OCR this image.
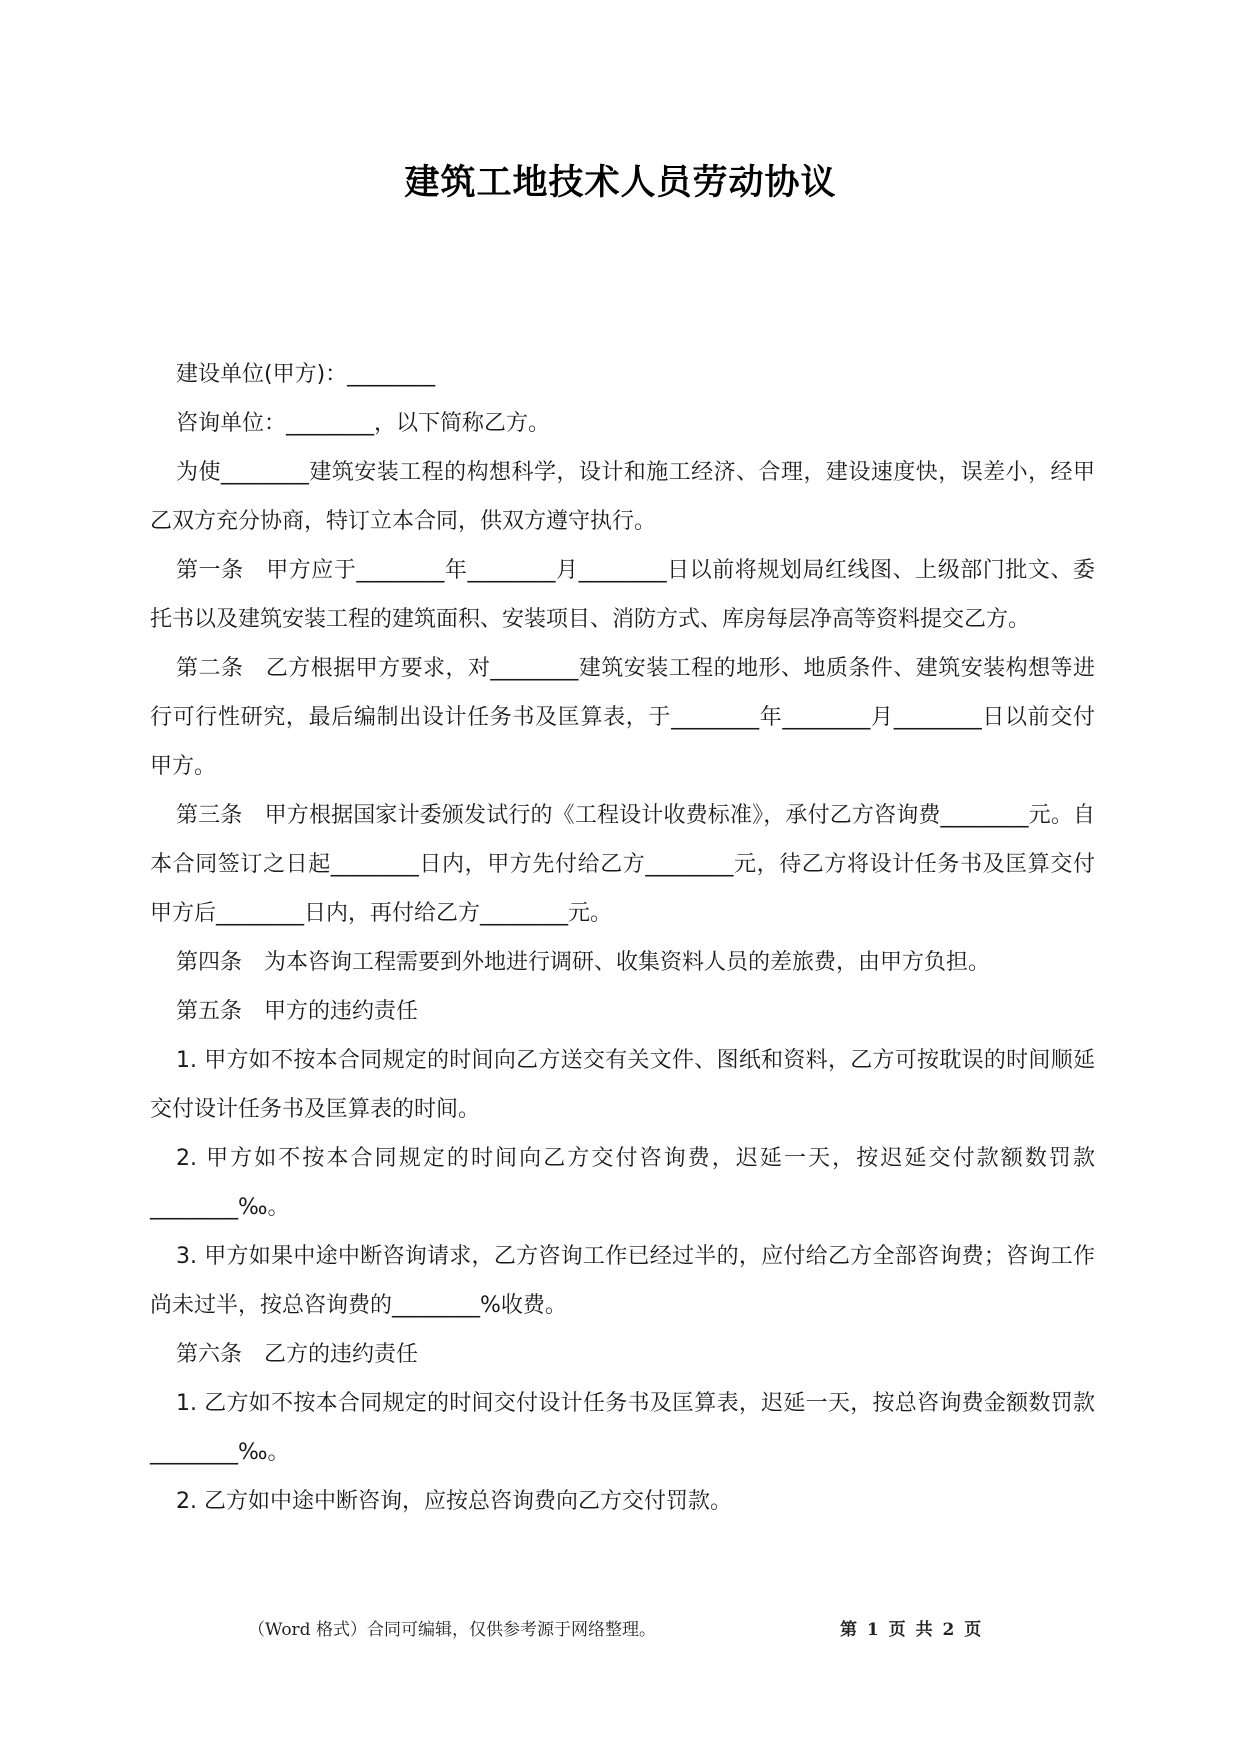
建筑工地技术人员劳动协议

建设单位(甲方)：________

咨询单位：________，以下简称乙方。

为使________建筑安装工程的构想科学，设计和施工经济、合理，建设速度快，误差小，经甲乙双方充分协商，特订立本合同，供双方遵守执行。

第一条　甲方应于________年________月________日以前将规划局红线图、上级部门批文、委托书以及建筑安装工程的建筑面积、安装项目、消防方式、库房每层净高等资料提交乙方。

第二条　乙方根据甲方要求，对________建筑安装工程的地形、地质条件、建筑安装构想等进行可行性研究，最后编制出设计任务书及匡算表，于________年________月________日以前交付甲方。

第三条　甲方根据国家计委颁发试行的《工程设计收费标准》，承付乙方咨询费________元。自本合同签订之日起________日内，甲方先付给乙方________元，待乙方将设计任务书及匡算交付甲方后________日内，再付给乙方________元。

第四条　为本咨询工程需要到外地进行调研、收集资料人员的差旅费，由甲方负担。

第五条　甲方的违约责任

1. 甲方如不按本合同规定的时间向乙方送交有关文件、图纸和资料，乙方可按耽误的时间顺延交付设计任务书及匡算表的时间。

2. 甲方如不按本合同规定的时间向乙方交付咨询费，迟延一天，按迟延交付款额数罚款________‰。

3. 甲方如果中途中断咨询请求，乙方咨询工作已经过半的，应付给乙方全部咨询费；咨询工作尚未过半，按总咨询费的________%收费。

第六条　乙方的违约责任

1. 乙方如不按本合同规定的时间交付设计任务书及匡算表，迟延一天，按总咨询费金额数罚款________‰。

2. 乙方如中途中断咨询，应按总咨询费向乙方交付罚款。

（Word 格式）合同可编辑，仅供参考源于网络整理。	第 1 页 共 2 页
